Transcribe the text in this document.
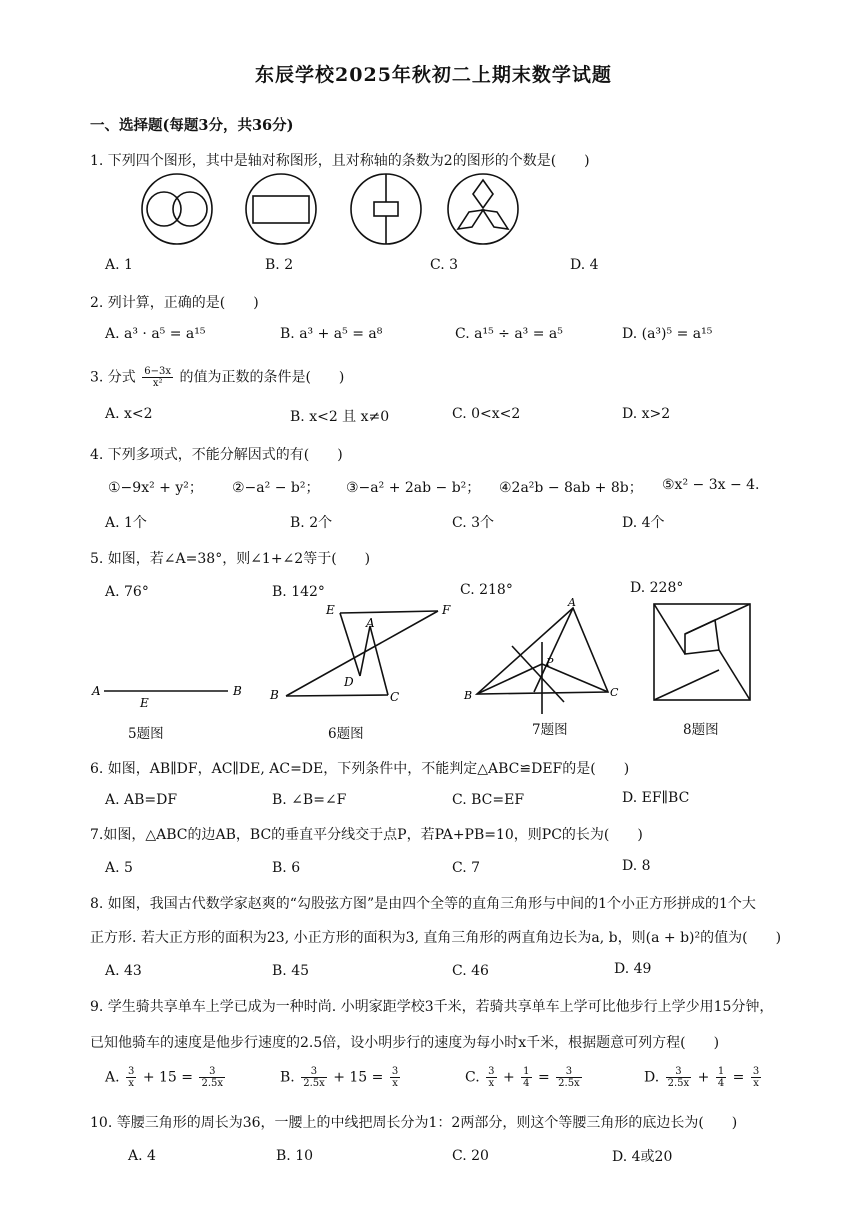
东辰学校2025年秋初二上期末数学试题
一、选择题(每题3分，共36分)
1. 下列四个图形，其中是轴对称图形，且对称轴的条数为2的图形的个数是(　　)
A. 1	B. 2	C. 3	D. 4
2. 列计算，正确的是(　　)
A. a³ · a⁵ = a¹⁵	B. a³ + a⁵ = a⁸	C. a¹⁵ ÷ a³ = a⁵	D. (a³)⁵ = a¹⁵
3. 分式 $\frac{6-3x}{\text{x²}}$ 的值为正数的条件是(　　)
A. x<2	B. x<2 且 x≠0	C. 0<x<2	D. x>2
4. 下列多项式，不能分解因式的有(　　)
①−9x² + y²； ②−a² − b²； ③−a² + 2ab − b²； ④2a²b − 8ab + 8b； ⑤x² − 3x − 4.
A. 1个	B. 2个	C. 3个	D. 4个
5. 如图，若∠A=38°，则∠1+∠2等于(　　)
A. 76°	B. 142°	C. 218°	D. 228°
A
E
B
E	F
A
D
B	C
A
P
B	C
5题图	6题图	7题图	8题图
6. 如图，AB∥DF，AC∥DE, AC=DE，下列条件中，不能判定△ABC≌DEF的是(　　)
A. AB=DF	B. ∠B=∠F	C. BC=EF	D. EF∥BC
7.如图，△ABC的边AB，BC的垂直平分线交于点P，若PA+PB=10，则PC的长为(　　)
A. 5	B. 6	C. 7	D. 8
8. 如图，我国古代数学家赵爽的“勾股弦方图”是由四个全等的直角三角形与中间的1个小正方形拼成的1个大
正方形. 若大正方形的面积为23, 小正方形的面积为3, 直角三角形的两直角边长为a, b，则(a + b)²的值为(　　)
A. 43	B. 45	C. 46	D. 49
9. 学生骑共享单车上学已成为一种时尚. 小明家距学校3千米，若骑共享单车上学可比他步行上学少用15分钟，
已知他骑车的速度是他步行速度的2.5倍，设小明步行的速度为每小时x千米，根据题意可列方程(　　)
A. $\frac{3}{x} + 15 = \frac{3}{2.5x}$	B. $\frac{3}{2.5x} + 15 = \frac{3}{x}$	C. $\frac{3}{x} + \frac{1}{4} = \frac{3}{2.5x}$	D. $\frac{3}{2.5x} + \frac{1}{4} = \frac{3}{x}$
10. 等腰三角形的周长为36，一腰上的中线把周长分为1：2两部分，则这个等腰三角形的底边长为(　　)
A. 4	B. 10	C. 20	D. 4或20
